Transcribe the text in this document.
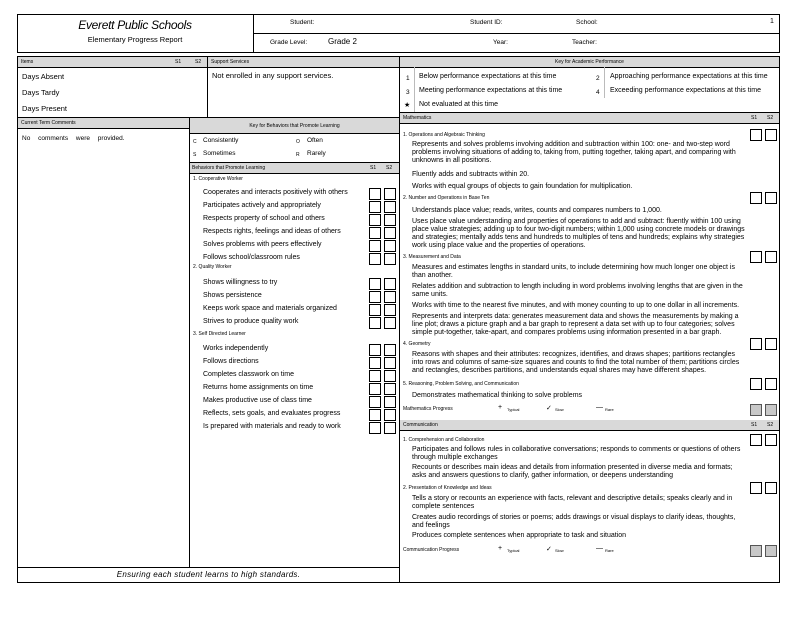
Everett Public Schools
Elementary Progress Report
Student:	Student ID:	School:	1
Grade Level:	Grade 2	Year:	Teacher:
Items	S1	S2 Support Services
Days Absent
Days Tardy
Days Present
Not enrolled in any support services.
Current Term Comments
No comments were provided.
Key for Behaviors that Promote Learning
C Consistently	O Often
S Sometimes	R Rarely
Behaviors that Promote Learning	S1 S2
1. Cooperative Worker
Cooperates and interacts positively with others
Participates actively and appropriately
Respects property of school and others
Respects rights, feelings and ideas of others
Solves problems with peers effectively
Follows school/classroom rules
2. Quality Worker
Shows willingness to try
Shows persistence
Keeps work space and materials organized
Strives to produce quality work
3. Self Directed Learner
Works independently
Follows directions
Completes classwork on time
Returns home assignments on time
Makes productive use of class time
Reflects, sets goals, and evaluates progress
Is prepared with materials and ready to work
Ensuring each student learns to high standards.
Key for Academic Performance
1 Below performance expectations at this time	2 Approaching performance expectations at this time
3 Meeting performance expectations at this time	4 Exceeding performance expectations at this time
★ Not evaluated at this time
Mathematics	S1 S2
1. Operations and Algebraic Thinking
Represents and solves problems involving addition and subtraction within 100: one- and two-step word problems involving situations of adding to, taking from, putting together, taking apart, and comparing with unknowns in all positions.
Fluently adds and subtracts within 20.
Works with equal groups of objects to gain foundation for multiplication.
2. Number and Operations in Base Ten
Understands place value; reads, writes, counts and compares numbers to 1,000.
Uses place value understanding and properties of operations to add and subtract: fluently within 100 using place value strategies; adding up to four two-digit numbers; within 1,000 using concrete models or drawings and strategies; mentally adds tens and hundreds to multiples of tens and hundreds; explains why strategies work using place value and the properties of operations.
3. Measurement and Data
Measures and estimates lengths in standard units, to include determining how much longer one object is than another.
Relates addition and subtraction to length including in word problems involving lengths that are given in the same units.
Works with time to the nearest five minutes, and with money counting to up to one dollar in all increments.
Represents and interprets data: generates measurement data and shows the measurements by making a line plot; draws a picture graph and a bar graph to represent a data set with up to four categories; solves simple put-together, take-apart, and compares problems using information presented in a bar graph.
4. Geometry
Reasons with shapes and their attributes: recognizes, identifies, and draws shapes; partitions rectangles into rows and columns of same-size squares and counts to find the total number of them; partitions circles and rectangles, describes partitions, and understands equal shares may have different shapes.
5. Reasoning, Problem Solving, and Communication
Demonstrates mathematical thinking to solve problems
Mathematics Progress	+ Typical	✓ Slow	— Rare
Communication	S1 S2
1. Comprehension and Collaboration
Participates and follows rules in collaborative conversations; responds to comments or questions of others through multiple exchanges
Recounts or describes main ideas and details from information presented in diverse media and formats; asks and answers questions to clarify, gather information, or deepens understanding
2. Presentation of Knowledge and Ideas
Tells a story or recounts an experience with facts, relevant and descriptive details; speaks clearly and in complete sentences
Creates audio recordings of stories or poems; adds drawings or visual displays to clarify ideas, thoughts, and feelings
Produces complete sentences when appropriate to task and situation
Communication Progress	+ Typical	✓ Slow	— Rare
